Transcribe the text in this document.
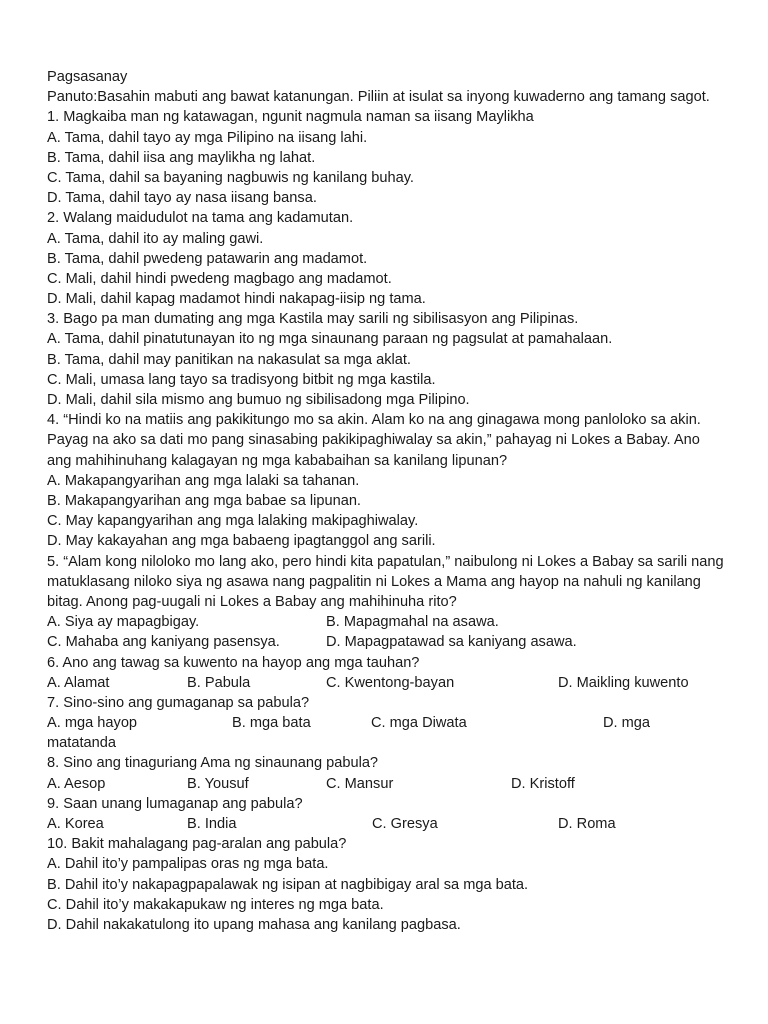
Pagsasanay
Panuto:Basahin mabuti ang bawat katanungan. Piliin at isulat sa inyong kuwaderno ang tamang sagot.
1. Magkaiba man ng katawagan, ngunit nagmula naman sa iisang Maylikha
A. Tama, dahil tayo ay mga Pilipino na iisang lahi.
B. Tama, dahil iisa ang maylikha ng lahat.
C. Tama, dahil sa bayaning nagbuwis ng kanilang buhay.
D. Tama, dahil tayo ay nasa iisang bansa.
2. Walang maidudulot na tama ang kadamutan.
A. Tama, dahil ito ay maling gawi.
B. Tama, dahil pwedeng patawarin ang madamot.
C. Mali, dahil hindi pwedeng magbago ang madamot.
D. Mali, dahil kapag madamot hindi nakapag-iisip ng tama.
3. Bago pa man dumating ang mga Kastila may sarili ng sibilisasyon ang Pilipinas.
A. Tama, dahil pinatutunayan ito ng mga sinaunang paraan ng pagsulat at pamahalaan.
B. Tama, dahil may panitikan na nakasulat sa mga aklat.
C. Mali, umasa lang tayo sa tradisyong bitbit ng mga kastila.
D. Mali, dahil sila mismo ang bumuo ng sibilisadong mga Pilipino.
4. “Hindi ko na matiis ang pakikitungo mo sa akin. Alam ko na ang ginagawa mong panloloko sa akin. Payag na ako sa dati mo pang sinasabing pakikipaghiwalay sa akin,” pahayag ni Lokes a Babay. Ano ang mahihinuhang kalagayan ng mga kababaihan sa kanilang lipunan?
A. Makapangyarihan ang mga lalaki sa tahanan.
B. Makapangyarihan ang mga babae sa lipunan.
C. May kapangyarihan ang mga lalaking makipaghiwalay.
D. May kakayahan ang mga babaeng ipagtanggol ang sarili.
5. “Alam kong niloloko mo lang ako, pero hindi kita papatulan,” naibulong ni Lokes a Babay sa sarili nang matuklasang niloko siya ng asawa nang pagpalitin ni Lokes a Mama ang hayop na nahuli ng kanilang bitag. Anong pag-uugali ni Lokes a Babay ang mahihinuha rito?
A. Siya ay mapagbigay.	B. Mapagmahal na asawa.
C. Mahaba ang kaniyang pasensya.	D. Mapagpatawad sa kaniyang asawa.
6. Ano ang tawag sa kuwento na hayop ang mga tauhan?
A. Alamat	B. Pabula	C. Kwentong-bayan	D. Maikling kuwento
7. Sino-sino ang gumaganap sa pabula?
A. mga hayop	B. mga bata	C. mga Diwata	D. mga
matatanda
8. Sino ang tinaguriang Ama ng sinaunang pabula?
A. Aesop	B. Yousuf	C. Mansur	D. Kristoff
9. Saan unang lumaganap ang pabula?
A. Korea	B. India	C. Gresya	D. Roma
10. Bakit mahalagang pag-aralan ang pabula?
A. Dahil ito’y pampalipas oras ng mga bata.
B. Dahil ito’y nakapagpapalawak ng isipan at nagbibigay aral sa mga bata.
C. Dahil ito’y makakapukaw ng interes ng mga bata.
D. Dahil nakakatulong ito upang mahasa ang kanilang pagbasa.
